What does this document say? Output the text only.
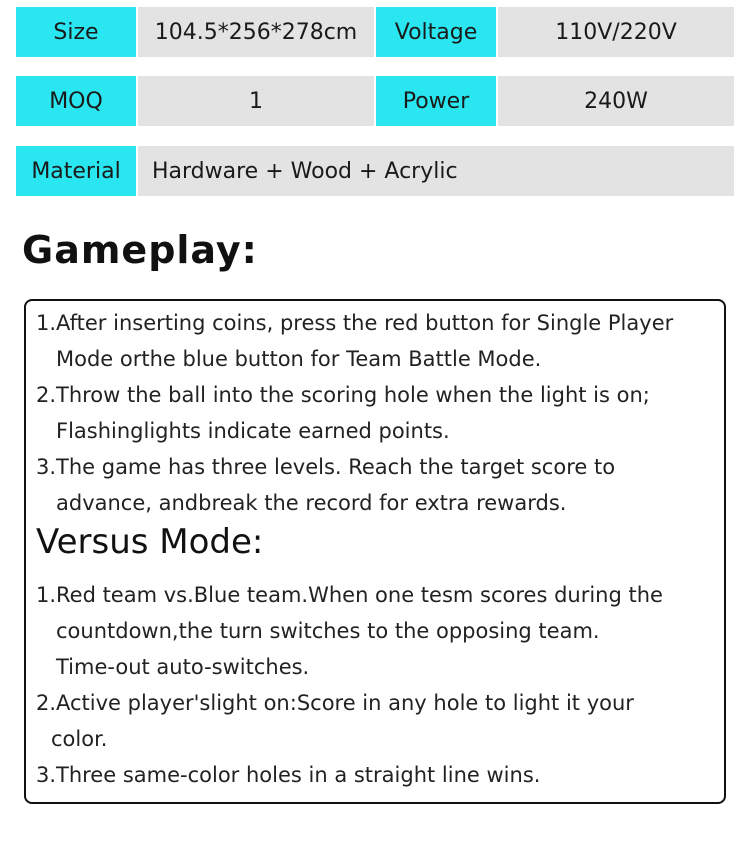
Size	104.5*256*278cm	Voltage	110V/220V
MOQ	1	Power	240W
Material	Hardware + Wood + Acrylic
Gameplay:
1. After inserting coins, press the red button for Single Player
Mode orthe blue button for Team Battle Mode.
2. Throw the ball into the scoring hole when the light is on;
Flashinglights indicate earned points.
3. The game has three levels. Reach the target score to
advance, andbreak the record for extra rewards.
Versus Mode:
1. Red team vs.Blue team.When one tesm scores during the
countdown,the turn switches to the opposing team.
Time-out auto-switches.
2. Active player'slight on:Score in any hole to light it your
color.
3. Three same-color holes in a straight line wins.
